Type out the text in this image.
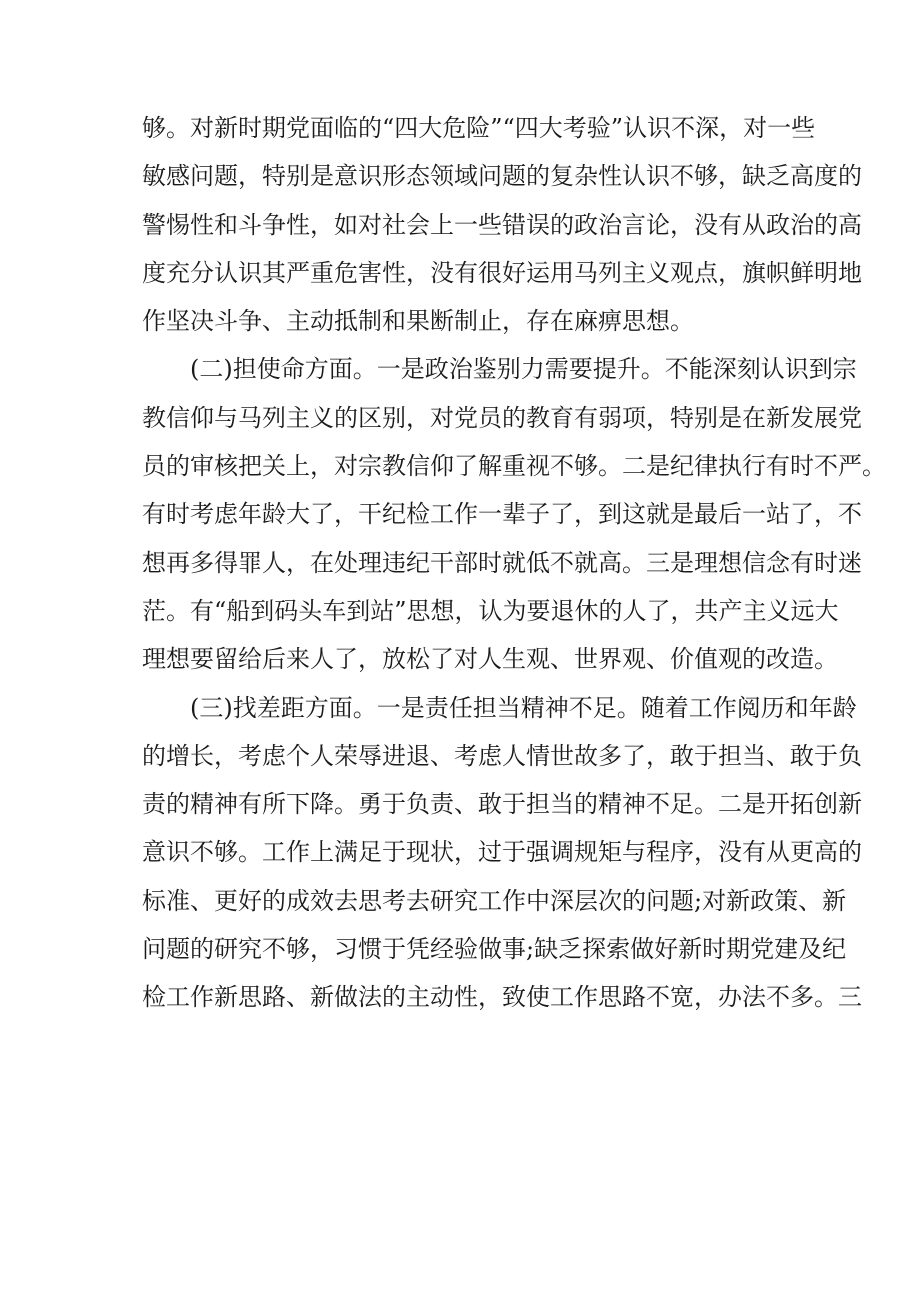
够。对新时期党面临的“四大危险”“四大考验”认识不深，对一些
敏感问题，特别是意识形态领域问题的复杂性认识不够，缺乏高度的
警惕性和斗争性，如对社会上一些错误的政治言论，没有从政治的高
度充分认识其严重危害性，没有很好运用马列主义观点，旗帜鲜明地
作坚决斗争、主动抵制和果断制止，存在麻痹思想。
(二)担使命方面。一是政治鉴别力需要提升。不能深刻认识到宗
教信仰与马列主义的区别，对党员的教育有弱项，特别是在新发展党
员的审核把关上，对宗教信仰了解重视不够。二是纪律执行有时不严。
有时考虑年龄大了，干纪检工作一辈子了，到这就是最后一站了，不
想再多得罪人，在处理违纪干部时就低不就高。三是理想信念有时迷
茫。有“船到码头车到站”思想，认为要退休的人了，共产主义远大
理想要留给后来人了，放松了对人生观、世界观、价值观的改造。
(三)找差距方面。一是责任担当精神不足。随着工作阅历和年龄
的增长，考虑个人荣辱进退、考虑人情世故多了，敢于担当、敢于负
责的精神有所下降。勇于负责、敢于担当的精神不足。二是开拓创新
意识不够。工作上满足于现状，过于强调规矩与程序，没有从更高的
标准、更好的成效去思考去研究工作中深层次的问题;对新政策、新
问题的研究不够，习惯于凭经验做事;缺乏探索做好新时期党建及纪
检工作新思路、新做法的主动性，致使工作思路不宽，办法不多。三
